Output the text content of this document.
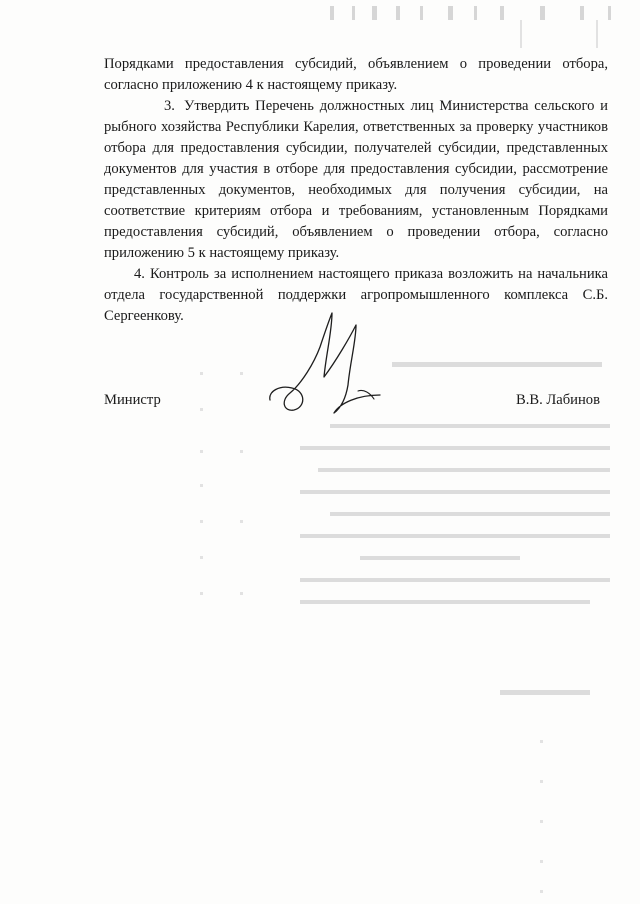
Порядками предоставления субсидий, объявлением о проведении отбора, согласно приложению 4 к настоящему приказу.

3. Утвердить Перечень должностных лиц Министерства сельского и рыбного хозяйства Республики Карелия, ответственных за проверку участников отбора для предоставления субсидии, получателей субсидии, представленных документов для участия в отборе для предоставления субсидии, рассмотрение представленных документов, необходимых для получения субсидии, на соответствие критериям отбора и требованиям, установленным Порядками предоставления субсидий, объявлением о проведении отбора, согласно приложению 5 к настоящему приказу.

4. Контроль за исполнением настоящего приказа возложить на начальника отдела государственной поддержки агропромышленного комплекса С.Б. Сергеенкову.

Министр	В.В. Лабинов
